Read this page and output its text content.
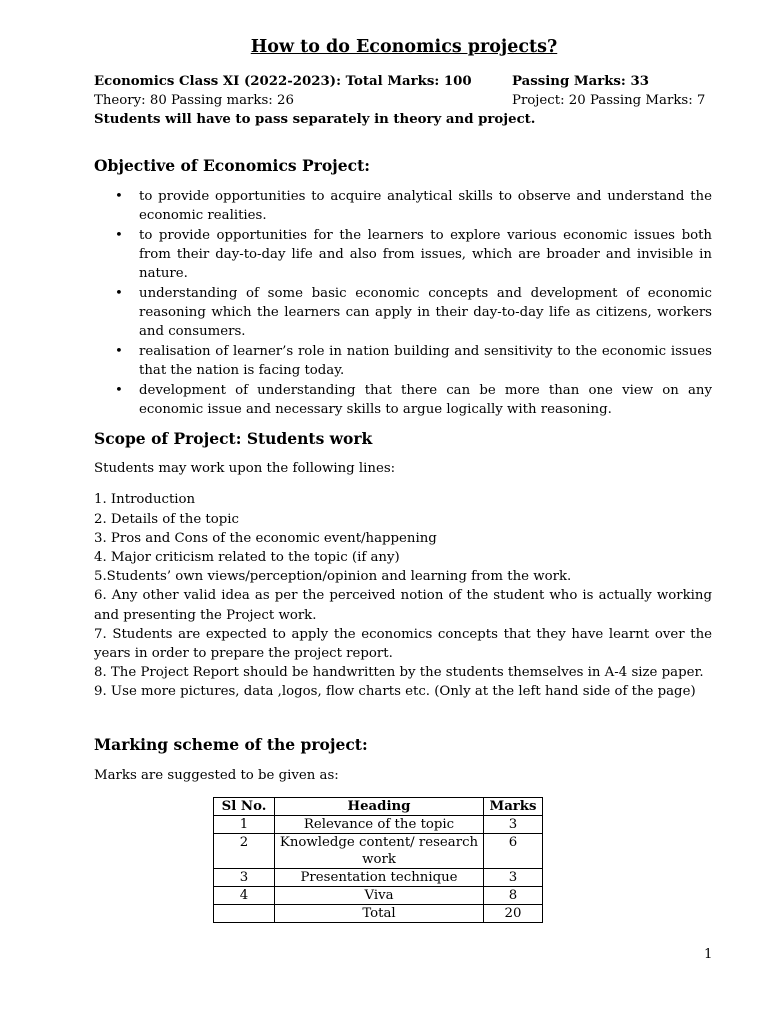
How to do Economics projects?
Economics Class XI (2022-2023): Total Marks: 100	Passing Marks: 33
Theory: 80 Passing marks: 26	Project: 20 Passing Marks: 7
Students will have to pass separately in theory and project.
Objective of Economics Project:
• to provide opportunities to acquire analytical skills to observe and understand the economic realities.
• to provide opportunities for the learners to explore various economic issues both from their day-to-day life and also from issues, which are broader and invisible in nature.
• understanding of some basic economic concepts and development of economic reasoning which the learners can apply in their day-to-day life as citizens, workers and consumers.
• realisation of learner’s role in nation building and sensitivity to the economic issues that the nation is facing today.
• development of understanding that there can be more than one view on any economic issue and necessary skills to argue logically with reasoning.
Scope of Project: Students work
Students may work upon the following lines:
1. Introduction
2. Details of the topic
3. Pros and Cons of the economic event/happening
4. Major criticism related to the topic (if any)
5.Students’ own views/perception/opinion and learning from the work.
6. Any other valid idea as per the perceived notion of the student who is actually working and presenting the Project work.
7. Students are expected to apply the economics concepts that they have learnt over the years in order to prepare the project report.
8. The Project Report should be handwritten by the students themselves in A-4 size paper.
9. Use more pictures, data ,logos, flow charts etc. (Only at the left hand side of the page)
Marking scheme of the project:
Marks are suggested to be given as:
Sl No.	Heading	Marks
1	Relevance of the topic	3
2	Knowledge content/ research work	6
3	Presentation technique	3
4	Viva	8
	Total	20
1
